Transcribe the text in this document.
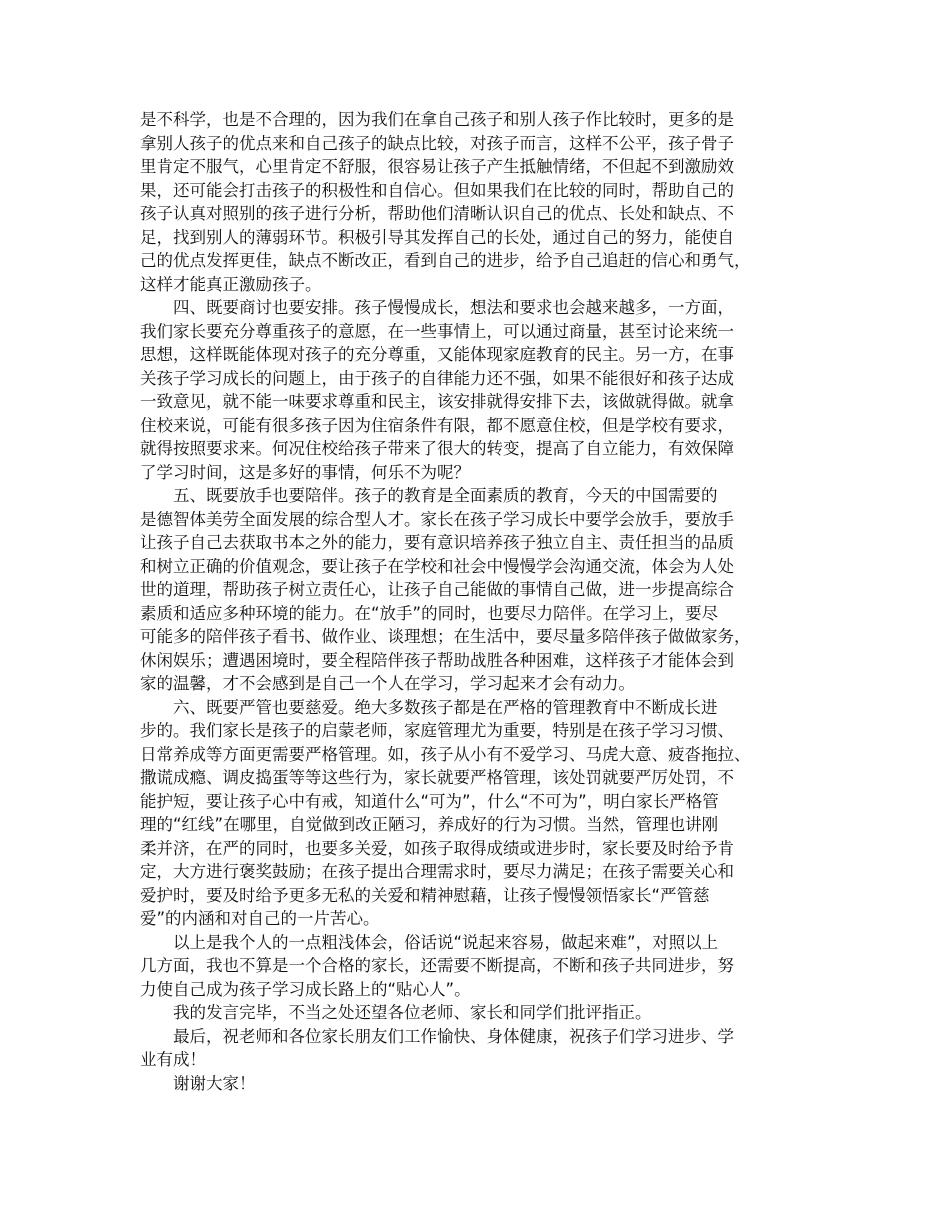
是不科学，也是不合理的，因为我们在拿自己孩子和别人孩子作比较时，更多的是
拿别人孩子的优点来和自己孩子的缺点比较，对孩子而言，这样不公平，孩子骨子
里肯定不服气，心里肯定不舒服，很容易让孩子产生抵触情绪，不但起不到激励效
果，还可能会打击孩子的积极性和自信心。但如果我们在比较的同时，帮助自己的
孩子认真对照别的孩子进行分析，帮助他们清晰认识自己的优点、长处和缺点、不
足，找到别人的薄弱环节。积极引导其发挥自己的长处，通过自己的努力，能使自
己的优点发挥更佳，缺点不断改正，看到自己的进步，给予自己追赶的信心和勇气，
这样才能真正激励孩子。
四、既要商讨也要安排。孩子慢慢成长，想法和要求也会越来越多，一方面，
我们家长要充分尊重孩子的意愿，在一些事情上，可以通过商量，甚至讨论来统一
思想，这样既能体现对孩子的充分尊重，又能体现家庭教育的民主。另一方，在事
关孩子学习成长的问题上，由于孩子的自律能力还不强，如果不能很好和孩子达成
一致意见，就不能一味要求尊重和民主，该安排就得安排下去，该做就得做。就拿
住校来说，可能有很多孩子因为住宿条件有限，都不愿意住校，但是学校有要求，
就得按照要求来。何况住校给孩子带来了很大的转变，提高了自立能力，有效保障
了学习时间，这是多好的事情，何乐不为呢？
五、既要放手也要陪伴。孩子的教育是全面素质的教育，今天的中国需要的
是德智体美劳全面发展的综合型人才。家长在孩子学习成长中要学会放手，要放手
让孩子自己去获取书本之外的能力，要有意识培养孩子独立自主、责任担当的品质
和树立正确的价值观念，要让孩子在学校和社会中慢慢学会沟通交流，体会为人处
世的道理，帮助孩子树立责任心，让孩子自己能做的事情自己做，进一步提高综合
素质和适应多种环境的能力。在“放手”的同时，也要尽力陪伴。在学习上，要尽
可能多的陪伴孩子看书、做作业、谈理想；在生活中，要尽量多陪伴孩子做做家务，
休闲娱乐；遭遇困境时，要全程陪伴孩子帮助战胜各种困难，这样孩子才能体会到
家的温馨，才不会感到是自己一个人在学习，学习起来才会有动力。
六、既要严管也要慈爱。绝大多数孩子都是在严格的管理教育中不断成长进
步的。我们家长是孩子的启蒙老师，家庭管理尤为重要，特别是在孩子学习习惯、
日常养成等方面更需要严格管理。如，孩子从小有不爱学习、马虎大意、疲沓拖拉、
撒谎成瘾、调皮捣蛋等等这些行为，家长就要严格管理，该处罚就要严厉处罚，不
能护短，要让孩子心中有戒，知道什么“可为”，什么“不可为”，明白家长严格管
理的“红线”在哪里，自觉做到改正陋习，养成好的行为习惯。当然，管理也讲刚
柔并济，在严的同时，也要多关爱，如孩子取得成绩或进步时，家长要及时给予肯
定，大方进行褒奖鼓励；在孩子提出合理需求时，要尽力满足；在孩子需要关心和
爱护时，要及时给予更多无私的关爱和精神慰藉，让孩子慢慢领悟家长“严管慈
爱”的内涵和对自己的一片苦心。
以上是我个人的一点粗浅体会，俗话说“说起来容易，做起来难”，对照以上
几方面，我也不算是一个合格的家长，还需要不断提高，不断和孩子共同进步，努
力使自己成为孩子学习成长路上的“贴心人”。
我的发言完毕，不当之处还望各位老师、家长和同学们批评指正。
最后，祝老师和各位家长朋友们工作愉快、身体健康，祝孩子们学习进步、学
业有成！
谢谢大家！
